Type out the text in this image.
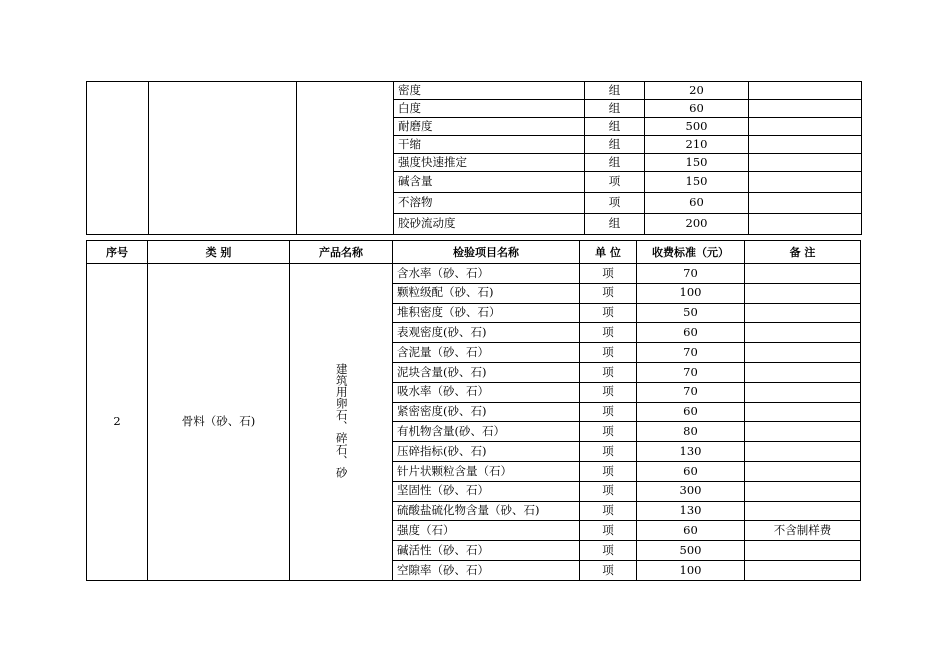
			密度	组	20	
			白度	组	60	
			耐磨度	组	500	
			干缩	组	210	
			强度快速推定	组	150	
			碱含量	项	150	
			不溶物	项	60	
			胶砂流动度	组	200	
序号	类 别	产品名称	检验项目名称	单 位	收费标准（元）	备 注
2	骨料（砂、石)	建筑用卵石、碎石、砂	含水率（砂、石）	项	70	
			颗粒级配（砂、石)	项	100	
			堆积密度（砂、石）	项	50	
			表观密度(砂、石)	项	60	
			含泥量（砂、石）	项	70	
			泥块含量(砂、石)	项	70	
			吸水率（砂、石）	项	70	
			紧密密度(砂、石)	项	60	
			有机物含量(砂、石）	项	80	
			压碎指标(砂、石)	项	130	
			针片状颗粒含量（石）	项	60	
			坚固性（砂、石）	项	300	
			硫酸盐硫化物含量（砂、石)	项	130	
			强度（石）	项	60	不含制样费
			碱活性（砂、石）	项	500	
			空隙率（砂、石）	项	100	
